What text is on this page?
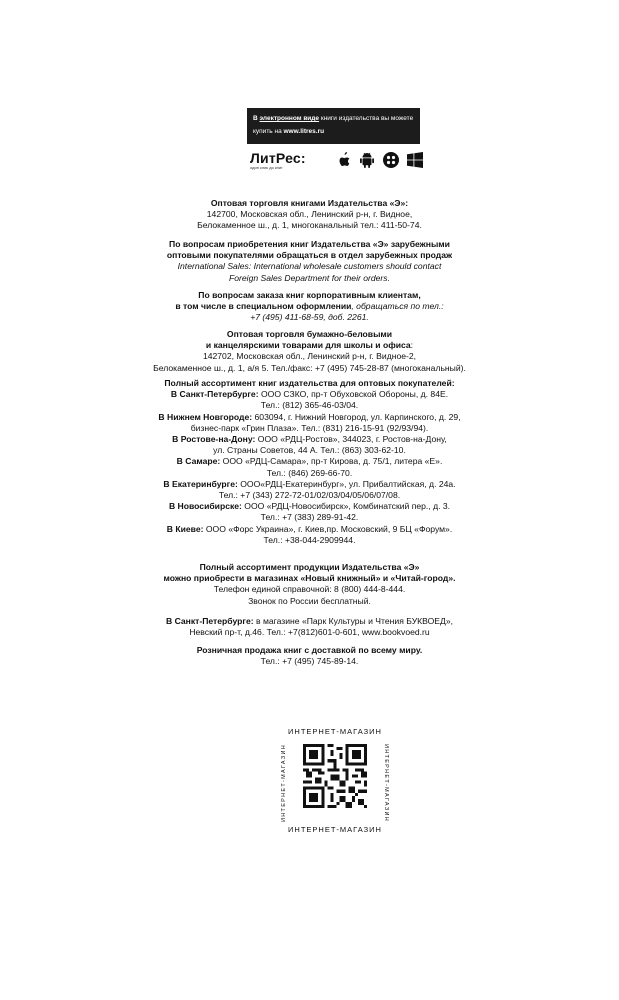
В электронном виде книги издательства вы можете
купить на www.litres.ru
ЛитРес:
один клик до книг

Оптовая торговля книгами Издательства «Э»:

142700, Московская обл., Ленинский р-н, г. Видное,

Белокаменное ш., д. 1, многоканальный тел.: 411-50-74.

По вопросам приобретения книг Издательства «Э» зарубежными

оптовыми покупателями обращаться в отдел зарубежных продаж

International Sales: International wholesale customers should contact

Foreign Sales Department for their orders.

По вопросам заказа книг корпоративным клиентам,

в том числе в специальном оформлении, обращаться по тел.:

+7 (495) 411-68-59, доб. 2261.

Оптовая торговля бумажно-беловыми

и канцелярскими товарами для школы и офиса:

142702, Московская обл., Ленинский р-н, г. Видное-2,

Белокаменное ш., д. 1, а/я 5. Тел./факс: +7 (495) 745-28-87 (многоканальный).

Полный ассортимент книг издательства для оптовых покупателей:

В Санкт-Петербурге: ООО СЗКО, пр-т Обуховской Обороны, д. 84Е.

Тел.: (812) 365-46-03/04.

В Нижнем Новгороде: 603094, г. Нижний Новгород, ул. Карпинского, д. 29,

бизнес-парк «Грин Плаза». Тел.: (831) 216-15-91 (92/93/94).

В Ростове-на-Дону: ООО «РДЦ-Ростов», 344023, г. Ростов-на-Дону,

ул. Страны Советов, 44 А. Тел.: (863) 303-62-10.

В Самаре: ООО «РДЦ-Самара», пр-т Кирова, д. 75/1, литера «Е».

Тел.: (846) 269-66-70.

В Екатеринбурге: ООО«РДЦ-Екатеринбург», ул. Прибалтийская, д. 24а.

Тел.: +7 (343) 272-72-01/02/03/04/05/06/07/08.

В Новосибирске: ООО «РДЦ-Новосибирск», Комбинатский пер., д. 3.

Тел.: +7 (383) 289-91-42.

В Киеве: ООО «Форс Украина», г. Киев,пр. Московский, 9 БЦ «Форум».

Тел.: +38-044-2909944.

Полный ассортимент продукции Издательства «Э»

можно приобрести в магазинах «Новый книжный» и «Читай-город».

Телефон единой справочной: 8 (800) 444-8-444.

Звонок по России бесплатный.

В Санкт-Петербурге: в магазине «Парк Культуры и Чтения БУКВОЕД»,

Невский пр-т, д.46. Тел.: +7(812)601-0-601, www.bookvoed.ru

Розничная продажа книг с доставкой по всему миру.

Тел.: +7 (495) 745-89-14.

ИНТЕРНЕТ-МАГАЗИН
ИНТЕРНЕТ-МАГАЗИН	ИНТЕРНЕТ-МАГАЗИН
ИНТЕРНЕТ-МАГАЗИН
